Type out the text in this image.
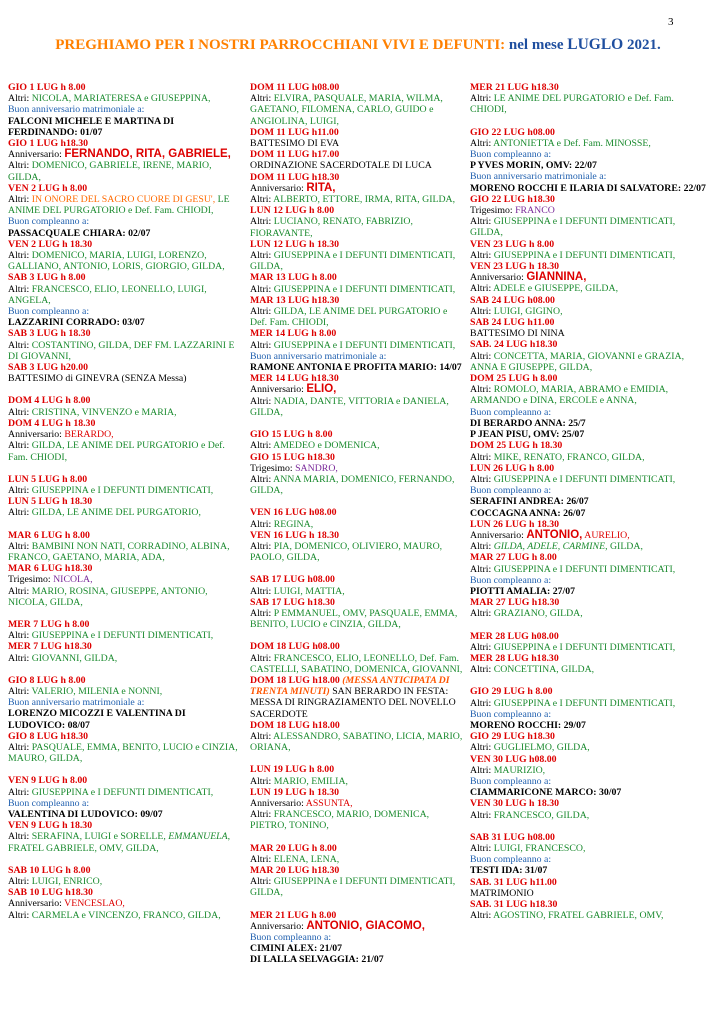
3
PREGHIAMO PER I NOSTRI PARROCCHIANI VIVI E DEFUNTI: nel mese LUGLO 2021.
GIO 1 LUG h 8.00
Altri: NICOLA, MARIATERESA e GIUSEPPINA,
Buon anniversario matrimoniale a:
FALCONI MICHELE E MARTINA DI FERDINANDO: 01/07
GIO 1 LUG h18.30
Anniversario: FERNANDO, RITA, GABRIELE,
Altri: DOMENICO, GABRIELE, IRENE, MARIO, GILDA,
VEN 2 LUG h 8.00
Altri: IN ONORE DEL SACRO CUORE DI GESU', LE ANIME DEL PURGATORIO e Def. Fam. CHIODI,
Buon compleanno a:
PASSACQUALE CHIARA: 02/07
VEN 2 LUG h 18.30
Altri: DOMENICO, MARIA, LUIGI, LORENZO, GALLIANO, ANTONIO, LORIS, GIORGIO, GILDA,
SAB 3 LUG h 8.00
Altri: FRANCESCO, ELIO, LEONELLO, LUIGI, ANGELA,
Buon compleanno a:
LAZZARINI CORRADO: 03/07
SAB 3 LUG h 18.30
Altri: COSTANTINO, GILDA, DEF FM. LAZZARINI E DI GIOVANNI,
SAB 3 LUG h20.00
BATTESIMO di GINEVRA (SENZA Messa)
DOM 4 LUG h 8.00
Altri: CRISTINA, VINVENZO e MARIA,
DOM 4 LUG h 18.30
Anniversario: BERARDO,
Altri: GILDA, LE ANIME DEL PURGATORIO e Def. Fam. CHIODI,
LUN 5 LUG h 8.00
Altri: GIUSEPPINA e I DEFUNTI DIMENTICATI,
LUN 5 LUG h 18.30
Altri: GILDA, LE ANIME DEL PURGATORIO,
MAR 6 LUG h 8.00
Altri: BAMBINI NON NATI, CORRADINO, ALBINA, FRANCO, GAETANO, MARIA, ADA,
MAR 6 LUG h18.30
Trigesimo: NICOLA,
Altri: MARIO, ROSINA, GIUSEPPE, ANTONIO, NICOLA, GILDA,
MER 7 LUG h 8.00
Altri: GIUSEPPINA e I DEFUNTI DIMENTICATI,
MER 7 LUG h18.30
Altri: GIOVANNI, GILDA,
GIO 8 LUG h 8.00
Altri: VALERIO, MILENIA e NONNI,
Buon anniversario matrimoniale a:
LORENZO MICOZZI E VALENTINA DI LUDOVICO: 08/07
GIO 8 LUG h18.30
Altri: PASQUALE, EMMA, BENITO, LUCIO e CINZIA, MAURO, GILDA,
VEN 9 LUG h 8.00
Altri: GIUSEPPINA e I DEFUNTI DIMENTICATI,
Buon compleanno a:
VALENTINA DI LUDOVICO: 09/07
VEN 9 LUG h 18.30
Altri: SERAFINA, LUIGI e SORELLE, EMMANUELA, FRATEL GABRIELE, OMV, GILDA,
SAB 10 LUG h 8.00
Altri: LUIGI, ENRICO,
SAB 10 LUG h18.30
Anniversario: VENCESLAO,
Altri: CARMELA e VINCENZO, FRANCO, GILDA,
DOM 11 LUG h08.00
Altri: ELVIRA, PASQUALE, MARIA, WILMA, GAETANO, FILOMENA, CARLO, GUIDO e ANGIOLINA, LUIGI,
DOM 11 LUG h11.00
BATTESIMO DI EVA
DOM 11 LUG h17.00
ORDINAZIONE SACERDOTALE DI LUCA
DOM 11 LUG h18.30
Anniversario: RITA,
Altri: ALBERTO, ETTORE, IRMA, RITA, GILDA,
LUN 12 LUG h 8.00
Altri: LUCIANO, RENATO, FABRIZIO, FIORAVANTE,
LUN 12 LUG h 18.30
Altri: GIUSEPPINA e I DEFUNTI DIMENTICATI, GILDA,
MAR 13 LUG h 8.00
Altri: GIUSEPPINA e I DEFUNTI DIMENTICATI,
MAR 13 LUG h18.30
Altri: GILDA, LE ANIME DEL PURGATORIO e Def. Fam. CHIODI,
MER 14 LUG h 8.00
Altri: GIUSEPPINA e I DEFUNTI DIMENTICATI,
Buon anniversario matrimoniale a:
RAMONE ANTONIA E PROFITA MARIO: 14/07
MER 14 LUG h18.30
Anniversario: ELIO,
Altri: NADIA, DANTE, VITTORIA e DANIELA, GILDA,
GIO 15 LUG h 8.00
Altri: AMEDEO e DOMENICA,
GIO 15 LUG h18.30
Trigesimo: SANDRO,
Altri: ANNA MARIA, DOMENICO, FERNANDO, GILDA,
VEN 16 LUG h08.00
Altri: REGINA,
VEN 16 LUG h 18.30
Altri: PIA, DOMENICO, OLIVIERO, MAURO, PAOLO, GILDA,
SAB 17 LUG h08.00
Altri: LUIGI, MATTIA,
SAB 17 LUG h18.30
Altri: P EMMANUEL, OMV, PASQUALE, EMMA, BENITO, LUCIO e CINZIA, GILDA,
DOM 18 LUG h08.00
Altri: FRANCESCO, ELIO, LEONELLO, Def. Fam. CASTELLI, SABATINO, DOMENICA, GIOVANNI,
DOM 18 LUG h18.00 (MESSA ANTICIPATA DI TRENTA MINUTI) SAN BERARDO IN FESTA: MESSA DI RINGRAZIAMENTO DEL NOVELLO SACERDOTE
DOM 18 LUG h18.00
Altri: ALESSANDRO, SABATINO, LICIA, MARIO, ORIANA,
LUN 19 LUG h 8.00
Altri: MARIO, EMILIA,
LUN 19 LUG h 18.30
Anniversario: ASSUNTA,
Altri: FRANCESCO, MARIO, DOMENICA, PIETRO, TONINO,
MAR 20 LUG h 8.00
Altri: ELENA, LENA,
MAR 20 LUG h18.30
Altri: GIUSEPPINA e I DEFUNTI DIMENTICATI, GILDA,
MER 21 LUG h 8.00
Anniversario: ANTONIO, GIACOMO,
Buon compleanno a:
CIMINI ALEX: 21/07
DI LALLA SELVAGGIA: 21/07
MER 21 LUG h18.30
Altri: LE ANIME DEL PURGATORIO e Def. Fam. CHIODI,
GIO 22 LUG h08.00
Altri: ANTONIETTA e Def. Fam. MINOSSE,
Buon compleanno a:
P YVES MORIN, OMV: 22/07
Buon anniversario matrimoniale a:
MORENO ROCCHI E ILARIA DI SALVATORE: 22/07
GIO 22 LUG h18.30
Trigesimo: FRANCO
Altri: GIUSEPPINA e I DEFUNTI DIMENTICATI, GILDA,
VEN 23 LUG h 8.00
Altri: GIUSEPPINA e I DEFUNTI DIMENTICATI,
VEN 23 LUG h 18.30
Anniversario: GIANNINA,
Altri: ADELE e GIUSEPPE, GILDA,
SAB 24 LUG h08.00
Altri: LUIGI, GIGINO,
SAB 24 LUG h11.00
BATTESIMO DI NINA
SAB. 24 LUG h18.30
Altri: CONCETTA, MARIA, GIOVANNI e GRAZIA, ANNA E GIUSEPPE, GILDA,
DOM 25 LUG h 8.00
Altri: ROMOLO, MARIA, ABRAMO e EMIDIA, ARMANDO e DINA, ERCOLE e ANNA,
Buon compleanno a:
DI BERARDO ANNA: 25/7
P JEAN PISU, OMV: 25/07
DOM 25 LUG h 18.30
Altri: MIKE, RENATO, FRANCO, GILDA,
LUN 26 LUG h 8.00
Altri: GIUSEPPINA e I DEFUNTI DIMENTICATI,
Buon compleanno a:
SERAFINI ANDREA: 26/07
COCCAGNA ANNA: 26/07
LUN 26 LUG h 18.30
Anniversario: ANTONIO, AURELIO,
Altri: GILDA, ADELE, CARMINE, GILDA,
MAR 27 LUG h 8.00
Altri: GIUSEPPINA e I DEFUNTI DIMENTICATI,
Buon compleanno a:
PIOTTI AMALIA: 27/07
MAR 27 LUG h18.30
Altri: GRAZIANO, GILDA,
MER 28 LUG h08.00
Altri: GIUSEPPINA e I DEFUNTI DIMENTICATI,
MER 28 LUG h18.30
Altri: CONCETTINA, GILDA,
GIO 29 LUG h 8.00
Altri: GIUSEPPINA e I DEFUNTI DIMENTICATI,
Buon compleanno a:
MORENO ROCCHI: 29/07
GIO 29 LUG h18.30
Altri: GUGLIELMO, GILDA,
VEN 30 LUG h08.00
Altri: MAURIZIO,
Buon compleanno a:
CIAMMARICONE MARCO: 30/07
VEN 30 LUG h 18.30
Altri: FRANCESCO, GILDA,
SAB 31 LUG h08.00
Altri: LUIGI, FRANCESCO,
Buon compleanno a:
TESTI IDA: 31/07
SAB. 31 LUG h11.00
MATRIMONIO
SAB. 31 LUG h18.30
Altri: AGOSTINO, FRATEL GABRIELE, OMV,
